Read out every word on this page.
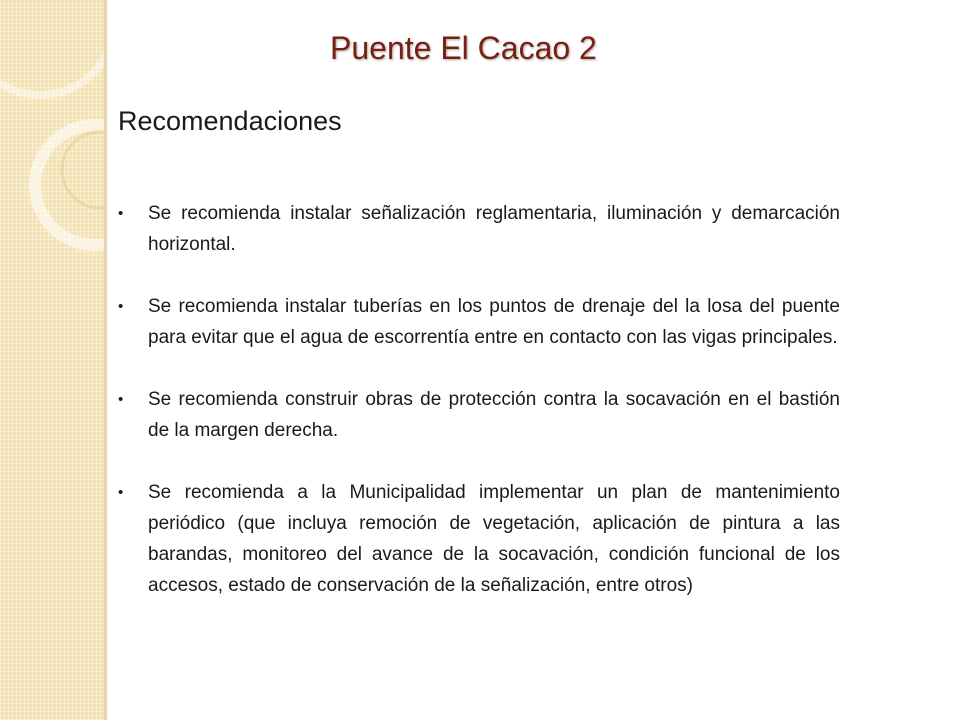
Puente El Cacao 2
Recomendaciones
• Se recomienda instalar señalización reglamentaria, iluminación y demarcación horizontal.
• Se recomienda instalar tuberías en los puntos de drenaje del la losa del puente para evitar que el agua de escorrentía entre en contacto con las vigas principales.
• Se recomienda construir obras de protección contra la socavación en el bastión de la margen derecha.
• Se recomienda a la Municipalidad implementar un plan de mantenimiento periódico (que incluya remoción de vegetación, aplicación de pintura a las barandas, monitoreo del avance de la socavación, condición funcional de los accesos, estado de conservación de la señalización, entre otros)
